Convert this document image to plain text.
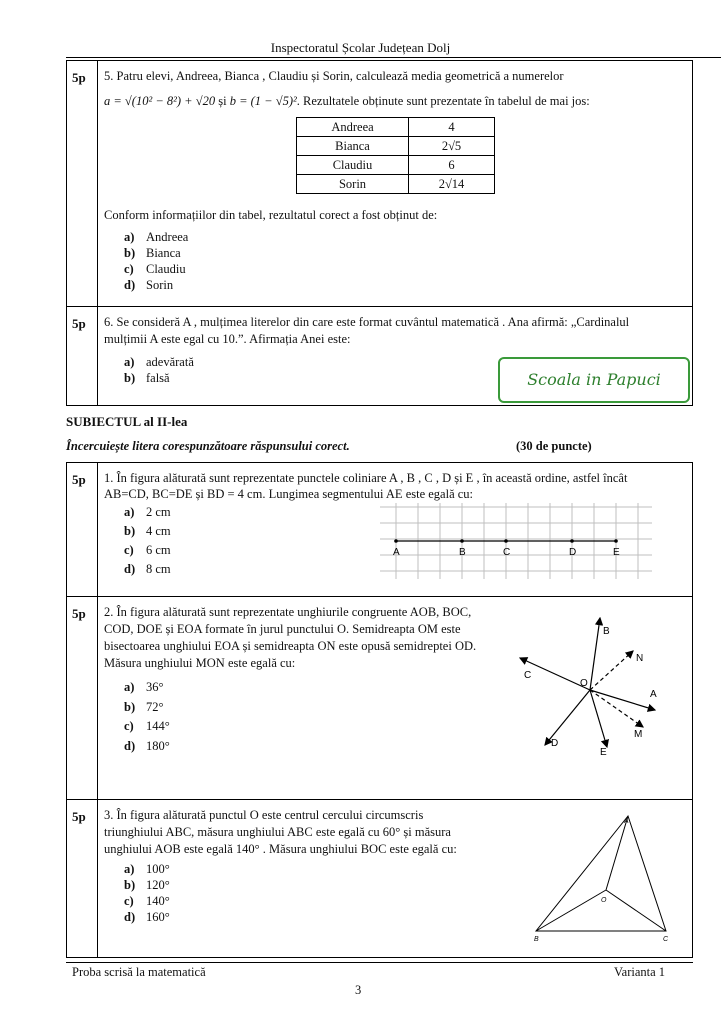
Inspectoratul Școlar Județean Dolj
5p 5. Patru elevi, Andreea, Bianca , Claudiu și Sorin, calculează media geometrică a numerelor
a = √(10² − 8²) + √20 și b = (1 − √5)². Rezultatele obținute sunt prezentate în tabelul de mai jos:
Andreea	4
Bianca	2√5
Claudiu	6
Sorin	2√14
Conform informațiilor din tabel, rezultatul corect a fost obținut de:
a) Andreea
b) Bianca
c) Claudiu
d) Sorin
5p 6. Se consideră A , mulțimea literelor din care este format cuvântul matematică . Ana afirmă: „Cardinalul
mulțimii A este egal cu 10.”. Afirmația Anei este:
a) adevărată
b) falsă	Scoala in Papuci
SUBIECTUL al II-lea
Încercuiește litera corespunzătoare răspunsului corect.	(30 de puncte)
5p 1. În figura alăturată sunt reprezentate punctele coliniare A , B , C , D și E , în această ordine, astfel încât
AB=CD, BC=DE și BD = 4 cm. Lungimea segmentului AE este egală cu:
a) 2 cm
b) 4 cm
c) 6 cm
d) 8 cm
A	B	C	D	E
5p 2. În figura alăturată sunt reprezentate unghiurile congruente AOB, BOC,
COD, DOE și EOA formate în jurul punctului O. Semidreapta OM este
bisectoarea unghiului EOA și semidreapta ON este opusă semidreptei OD.
Măsura unghiului MON este egală cu:
a) 36°
b) 72°
c) 144°
d) 180°
B
N
C
O
A
M
D
E
5p 3. În figura alăturată punctul O este centrul cercului circumscris
triunghiului ABC, măsura unghiului ABC este egală cu 60° și măsura
unghiului AOB este egală 140° . Măsura unghiului BOC este egală cu:
a) 100°
b) 120°
c) 140°
d) 160°
A
O
B	C
Proba scrisă la matematică	Varianta 1
3
